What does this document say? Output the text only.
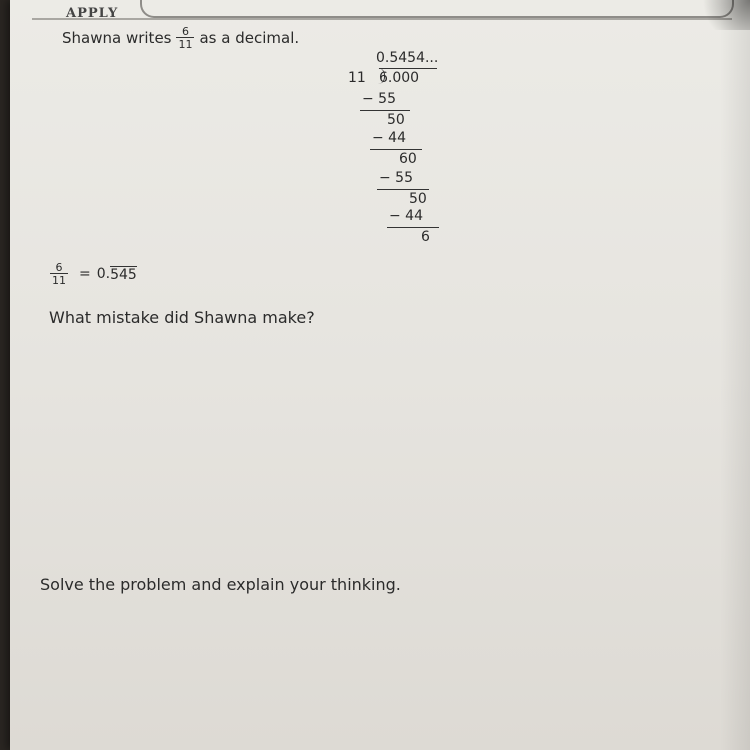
APPLY
Shawna writes $\frac{6}{11}$ as a decimal.
0.5454...
11 6.000
− 55
50
− 44
60
− 55
50
− 44
6
$\frac{6}{11} = 0$. 545
What mistake did Shawna make?
Solve the problem and explain your thinking.
